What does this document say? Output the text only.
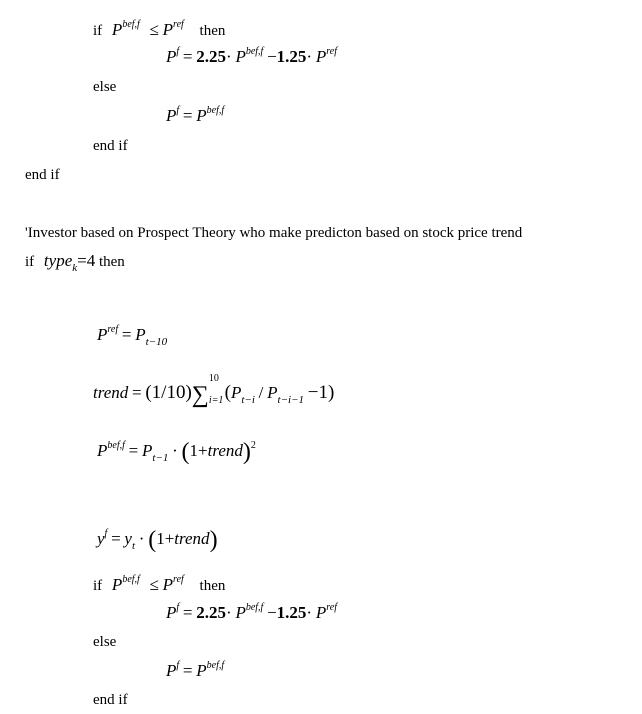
if $P^{bef,f} \le P^{ref}$ then
$P^f = 2.25\cdot P^{bef,f} -1.25\cdot P^{ref}$
else
$P^f = P^{bef,f}$
end if
end if
'Investor based on Prospect Theory who make predicton based on stock price trend
if type$_k$=4 then
$P^{ref} = P_{t-10}$
trend = (1/10)∑
10
i=1 $(P_{t-i} / P_{t-i-1} -1)$
$P^{bef,f} = P_{t-1}$ · (1+trend)$^2$
$y^f = y_t$ · (1+trend)
if $P^{bef,f} \le P^{ref}$ then
$P^f = 2.25\cdot P^{bef,f} -1.25\cdot P^{ref}$
else
$P^f = P^{bef,f}$
end if
